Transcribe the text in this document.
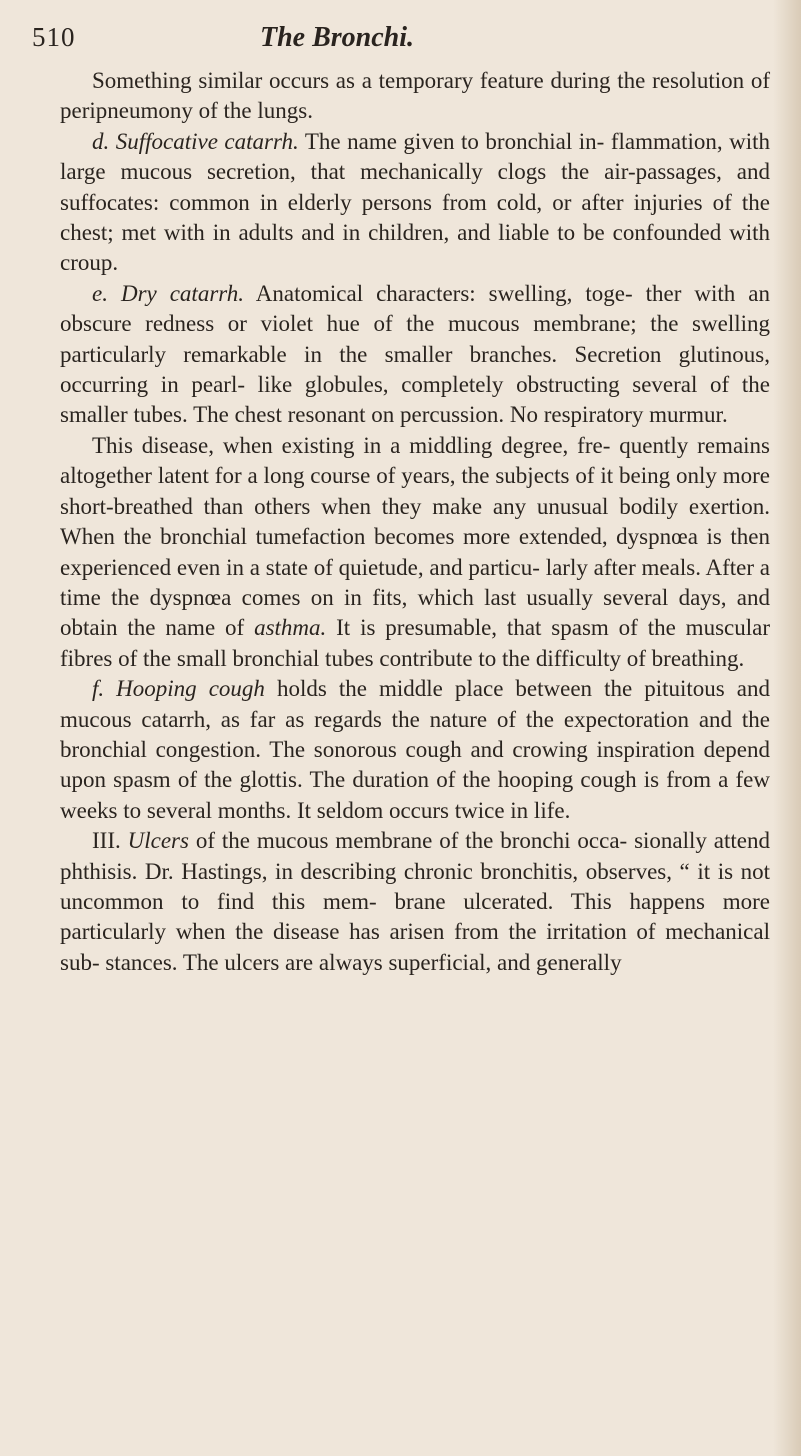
510	The Bronchi.

Something similar occurs as a temporary feature during the resolution of peripneumony of the lungs.

d. Suffocative catarrh. The name given to bronchial in- flammation, with large mucous secretion, that mechanically clogs the air-passages, and suffocates: common in elderly persons from cold, or after injuries of the chest; met with in adults and in children, and liable to be confounded with croup.

e. Dry catarrh. Anatomical characters: swelling, toge- ther with an obscure redness or violet hue of the mucous membrane; the swelling particularly remarkable in the smaller branches. Secretion glutinous, occurring in pearl- like globules, completely obstructing several of the smaller tubes. The chest resonant on percussion. No respiratory murmur.

This disease, when existing in a middling degree, fre- quently remains altogether latent for a long course of years, the subjects of it being only more short-breathed than others when they make any unusual bodily exertion. When the bronchial tumefaction becomes more extended, dyspnœa is then experienced even in a state of quietude, and particu- larly after meals. After a time the dyspnœa comes on in fits, which last usually several days, and obtain the name of asthma. It is presumable, that spasm of the muscular fibres of the small bronchial tubes contribute to the difficulty of breathing.

f. Hooping cough holds the middle place between the pituitous and mucous catarrh, as far as regards the nature of the expectoration and the bronchial congestion. The sonorous cough and crowing inspiration depend upon spasm of the glottis. The duration of the hooping cough is from a few weeks to several months. It seldom occurs twice in life.

III. Ulcers of the mucous membrane of the bronchi occa- sionally attend phthisis. Dr. Hastings, in describing chronic bronchitis, observes, “ it is not uncommon to find this mem- brane ulcerated. This happens more particularly when the disease has arisen from the irritation of mechanical sub- stances. The ulcers are always superficial, and generally
